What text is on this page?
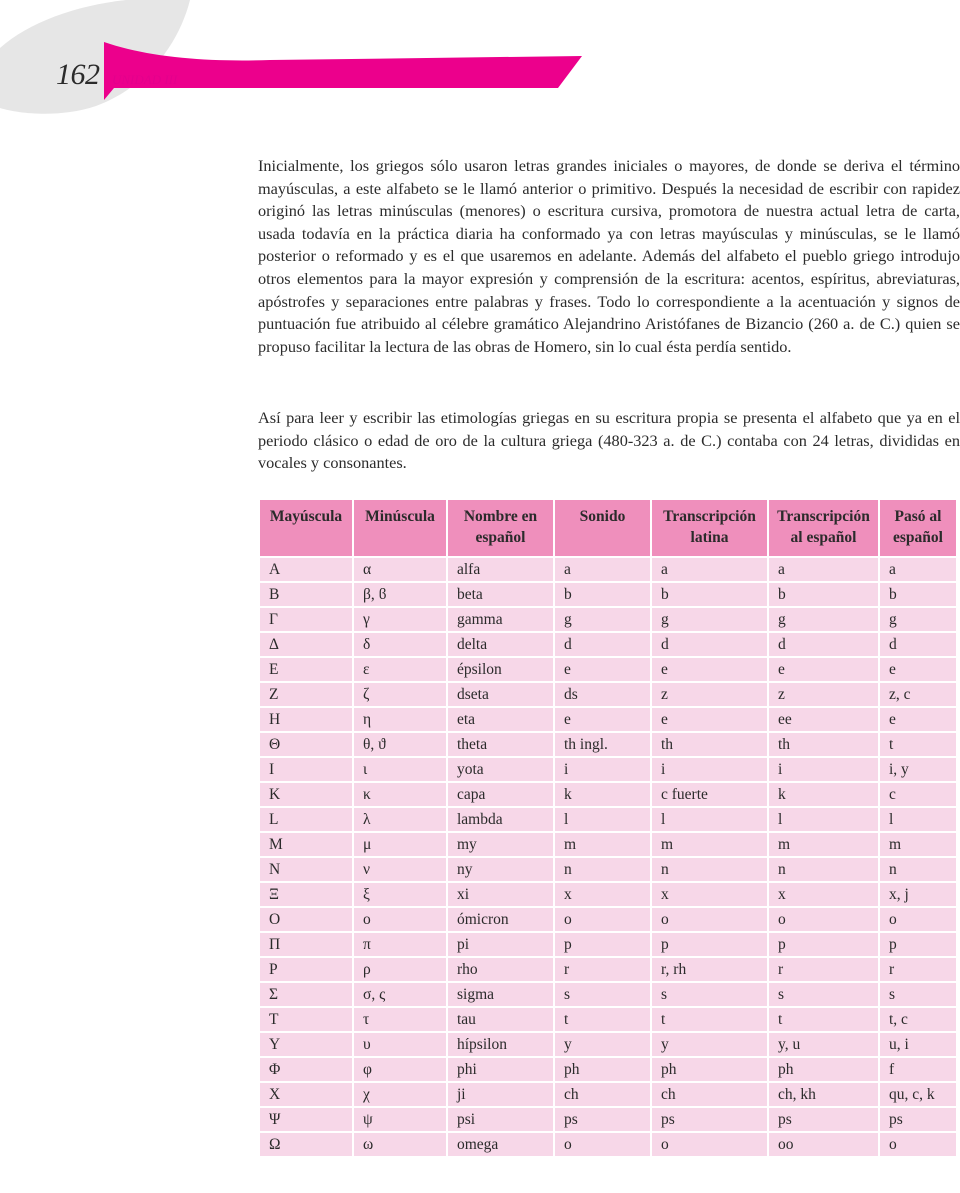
162 UNIDAD III

Inicialmente, los griegos sólo usaron letras grandes iniciales o mayores, de donde se deriva el término mayúsculas, a este alfabeto se le llamó anterior o primitivo. Después la necesidad de escribir con rapidez originó las letras minúsculas (menores) o escritura cursiva, promotora de nuestra actual letra de carta, usada todavía en la práctica diaria ha conformado ya con letras mayúsculas y minúsculas, se le llamó posterior o reformado y es el que usaremos en adelante. Además del alfabeto el pueblo griego introdujo otros elementos para la mayor expresión y comprensión de la escritura: acentos, espíritus, abreviaturas, apóstrofes y separaciones entre palabras y frases. Todo lo correspondiente a la acentuación y signos de puntuación fue atribuido al célebre gramático Alejandrino Aristófanes de Bizancio (260 a. de C.) quien se propuso facilitar la lectura de las obras de Homero, sin lo cual ésta perdía sentido.

Así para leer y escribir las etimologías griegas en su escritura propia se presenta el alfabeto que ya en el periodo clásico o edad de oro de la cultura griega (480-323 a. de C.) contaba con 24 letras, divididas en vocales y consonantes.

Mayúscula	Minúscula	Nombre en español	Sonido	Transcripción latina	Transcripción al español	Pasó al español
Α	α	alfa	a	a	a	a
Β	β, ϐ	beta	b	b	b	b
Γ	γ	gamma	g	g	g	g
Δ	δ	delta	d	d	d	d
Ε	ε	épsilon	e	e	e	e
Ζ	ζ	dseta	ds	z	z	z, c
Η	η	eta	e	e	ee	e
Θ	θ, ϑ	theta	th ingl.	th	th	t
Ι	ι	yota	i	i	i	i, y
Κ	κ	capa	k	c fuerte	k	c
L	λ	lambda	l	l	l	l
Μ	μ	my	m	m	m	m
Ν	ν	ny	n	n	n	n
Ξ	ξ	xi	x	x	x	x, j
Ο	ο	ómicron	o	o	o	o
Π	π	pi	p	p	p	p
Ρ	ρ	rho	r	r, rh	r	r
Σ	σ, ς	sigma	s	s	s	s
Τ	τ	tau	t	t	t	t, c
Υ	υ	hípsilon	y	y	y, u	u, i
Φ	φ	phi	ph	ph	ph	f
Χ	χ	ji	ch	ch	ch, kh	qu, c, k
Ψ	ψ	psi	ps	ps	ps	ps
Ω	ω	omega	o	o	oo	o
